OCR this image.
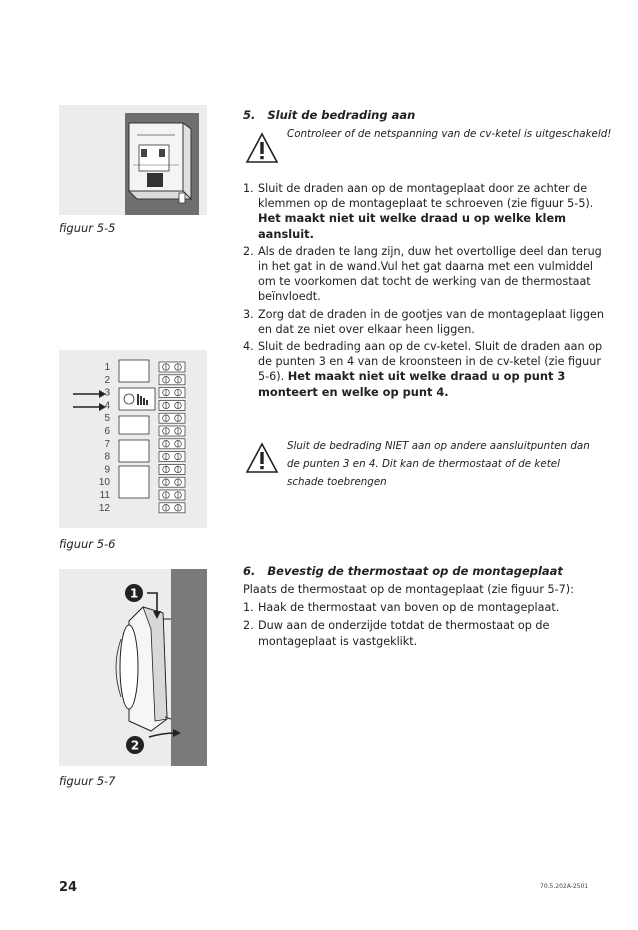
figuur 5-5
1
2
3
4
5
6
7
8
9
10
11
12
figuur 5-6
1
2
figuur 5-7
5. Sluit de bedrading aan
Controleer of de netspanning van de cv-ketel is uitgeschakeld!
1. Sluit de draden aan op de montageplaat door ze achter de klemmen op de montageplaat te schroeven (zie figuur 5-5). Het maakt niet uit welke draad u op welke klem aansluit.
2. Als de draden te lang zijn, duw het overtollige deel dan terug in het gat in de wand.Vul het gat daarna met een vulmiddel om te voorkomen dat tocht de werking van de thermostaat beïnvloedt.
3. Zorg dat de draden in de gootjes van de montageplaat liggen en dat ze niet over elkaar heen liggen.
4. Sluit de bedrading aan op de cv-ketel. Sluit de draden aan op de punten 3 en 4 van de kroonsteen in de cv-ketel (zie figuur 5-6). Het maakt niet uit welke draad u op punt 3 monteert en welke op punt 4.
Sluit de bedrading NIET aan op andere aansluitpunten dan de punten 3 en 4. Dit kan de thermostaat of de ketel schade toebrengen
6. Bevestig de thermostaat op de montageplaat
Plaats de thermostaat op de montageplaat (zie figuur 5-7):
1. Haak de thermostaat van boven op de montageplaat.
2. Duw aan de onderzijde totdat de thermostaat op de montageplaat is vastgeklikt.
24	70.5.202A-2501
